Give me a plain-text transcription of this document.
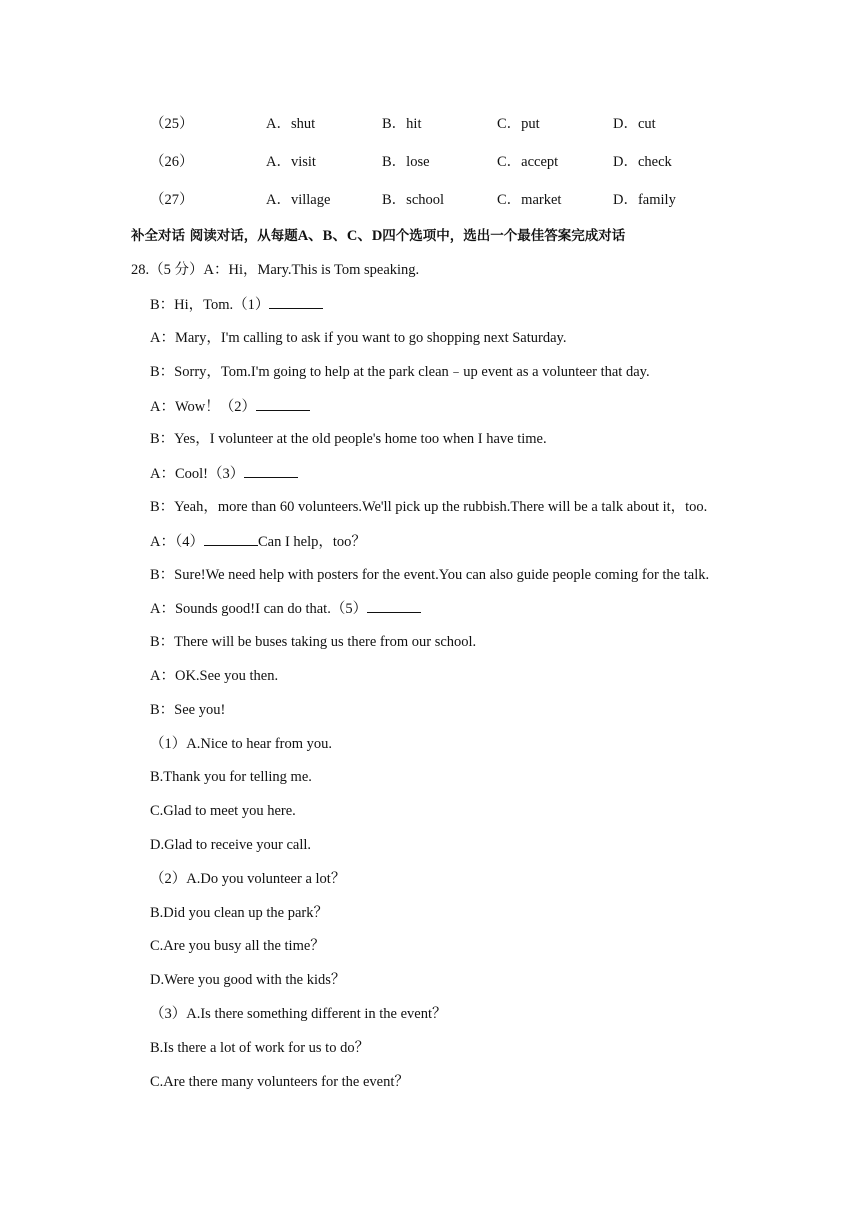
（25）	A．shut	B．hit	C．put	D．cut
（26）	A．visit	B．lose	C．accept	D．check
（27）	A．village	B．school	C．market	D．family
补全对话 阅读对话，从每题A、B、C、D四个选项中，选出一个最佳答案完成对话
28.（5 分）A：Hi，Mary.This is Tom speaking.
B：Hi，Tom.（1）
A：Mary，I'm calling to ask if you want to go shopping next Saturday.
B：Sorry，Tom.I'm going to help at the park clean﹣up event as a volunteer that day.
A：Wow！（2）
B：Yes，I volunteer at the old people's home too when I have time.
A：Cool!（3）
B：Yeah，more than 60 volunteers.We'll pick up the rubbish.There will be a talk about it，too.
A：（4）	Can I help，too？
B：Sure!We need help with posters for the event.You can also guide people coming for the talk.
A：Sounds good!I can do that.（5）
B：There will be buses taking us there from our school.
A：OK.See you then.
B：See you!
（1）A.Nice to hear from you.
B.Thank you for telling me.
C.Glad to meet you here.
D.Glad to receive your call.
（2）A.Do you volunteer a lot？
B.Did you clean up the park？
C.Are you busy all the time？
D.Were you good with the kids？
（3）A.Is there something different in the event？
B.Is there a lot of work for us to do？
C.Are there many volunteers for the event？
